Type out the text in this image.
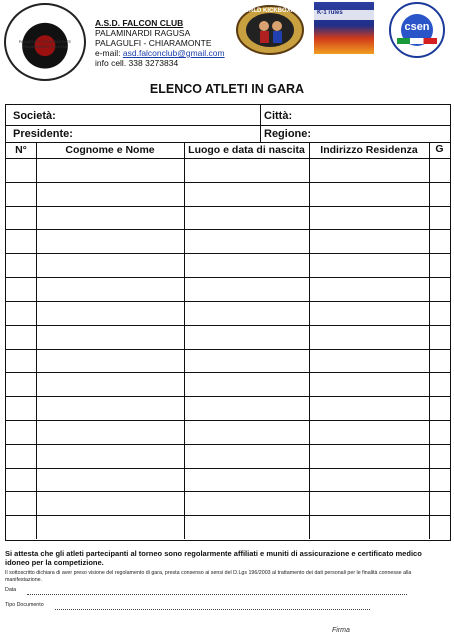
PALAGULFI CHIARAMONTE PALAMINARDI RAGUSA
A.S.D. FALCON CLUB
PALAMINARDI RAGUSA
PALAGULFI - CHIARAMONTE
e-mail: asd.falconclub@gmail.com
info cell. 338 3273834
WORLD KICKBOXING	K-1 rules
csen
ELENCO ATLETI IN GARA
Società:	Città:
Presidente:	Regione:
N°	Cognome e Nome	Luogo e data di nascita	Indirizzo Residenza	G
Si attesta che gli atleti partecipanti al torneo sono regolarmente affiliati e muniti di assicurazione e certificato medico idoneo per la competizione.
Il sottoscritto dichiara di aver preso visione del regolamento di gara, presta consenso ai sensi del D.Lgs 196/2003 al trattamento dei dati personali per le finalità connesse alla manifestazione.
Data
Tipo Documento
Firma
